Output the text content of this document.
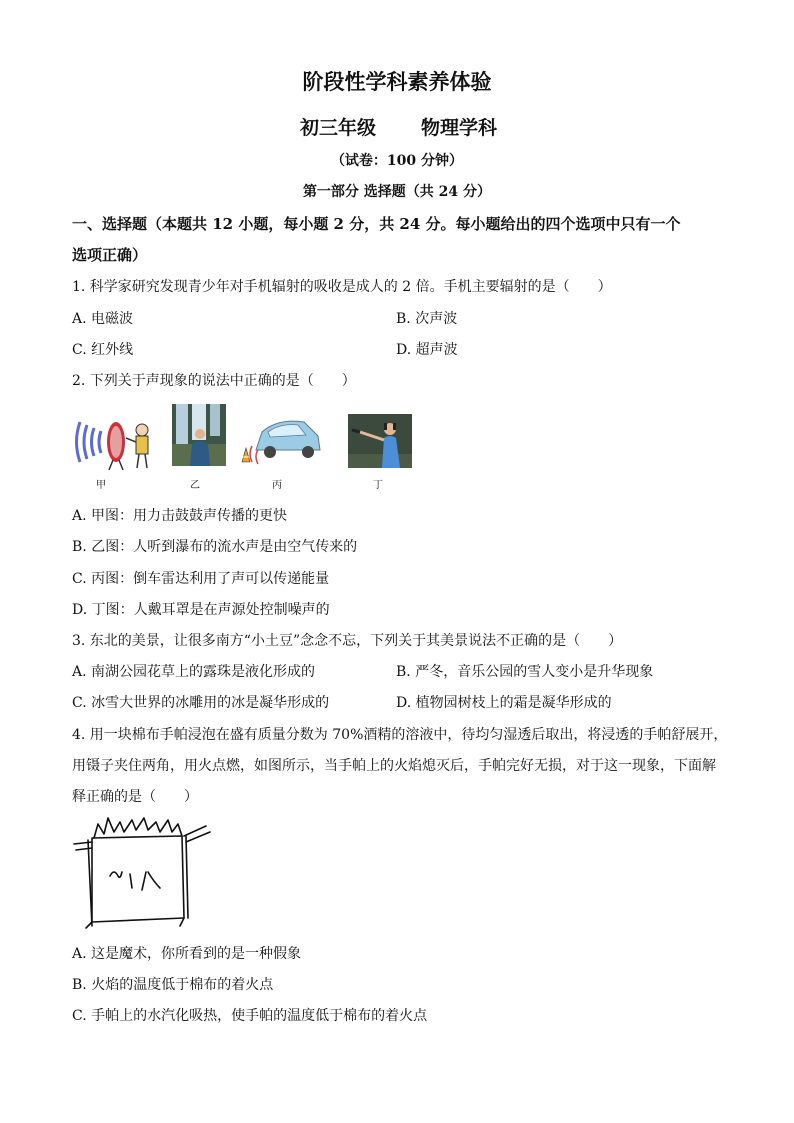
阶段性学科素养体验
初三年级 物理学科
（试卷：100 分钟）
第一部分 选择题（共 24 分）
一、选择题（本题共 12 小题，每小题 2 分，共 24 分。每小题给出的四个选项中只有一个
选项正确）
1. 科学家研究发现青少年对手机辐射的吸收是成人的 2 倍。手机主要辐射的是（　　）
A. 电磁波	B. 次声波
C. 红外线	D. 超声波
2. 下列关于声现象的说法中正确的是（　　）
甲	乙	丙	丁
A. 甲图：用力击鼓鼓声传播的更快
B. 乙图：人听到瀑布的流水声是由空气传来的
C. 丙图：倒车雷达利用了声可以传递能量
D. 丁图：人戴耳罩是在声源处控制噪声的
3. 东北的美景，让很多南方“小土豆”念念不忘，下列关于其美景说法不正确的是（　　）
A. 南湖公园花草上的露珠是液化形成的	B. 严冬，音乐公园的雪人变小是升华现象
C. 冰雪大世界的冰雕用的冰是凝华形成的	D. 植物园树枝上的霜是凝华形成的
4. 用一块棉布手帕浸泡在盛有质量分数为 70%酒精的溶液中，待均匀湿透后取出，将浸透的手帕舒展开，
用镊子夹住两角，用火点燃，如图所示，当手帕上的火焰熄灭后，手帕完好无损，对于这一现象，下面解
释正确的是（　　）
A. 这是魔术，你所看到的是一种假象
B. 火焰的温度低于棉布的着火点
C. 手帕上的水汽化吸热，使手帕的温度低于棉布的着火点
